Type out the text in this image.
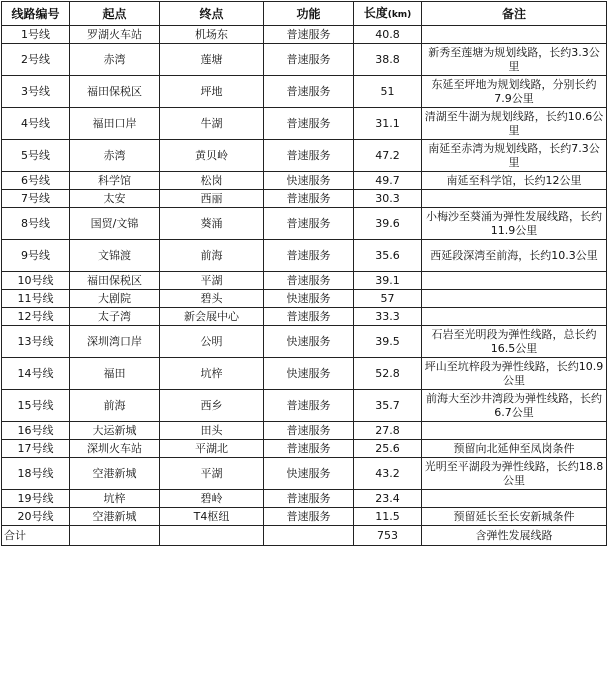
线路编号	起点	终点	功能	长度(km)	备注
1号线	罗湖火车站	机场东	普速服务	40.8	
2号线	赤湾	莲塘	普速服务	38.8	新秀至莲塘为规划线路，长约3.3公里
3号线	福田保税区	坪地	普速服务	51	东延至坪地为规划线路，分别长约7.9公里
4号线	福田口岸	牛湖	普速服务	31.1	清湖至牛湖为规划线路，长约10.6公里
5号线	赤湾	黄贝岭	普速服务	47.2	南延至赤湾为规划线路，长约7.3公里
6号线	科学馆	松岗	快速服务	49.7	南延至科学馆，长约12公里
7号线	太安	西丽	普速服务	30.3	
8号线	国贸/文锦	葵涌	普速服务	39.6	小梅沙至葵涌为弹性发展线路，长约11.9公里
9号线	文锦渡	前海	普速服务	35.6	西延段深湾至前海，长约10.3公里
10号线	福田保税区	平湖	普速服务	39.1	
11号线	大剧院	碧头	快速服务	57	
12号线	太子湾	新会展中心	普速服务	33.3	
13号线	深圳湾口岸	公明	快速服务	39.5	石岩至光明段为弹性线路，总长约16.5公里
14号线	福田	坑梓	快速服务	52.8	坪山至坑梓段为弹性线路，长约10.9公里
15号线	前海	西乡	普速服务	35.7	前海大至沙井湾段为弹性线路，长约6.7公里
16号线	大运新城	田头	普速服务	27.8	
17号线	深圳火车站	平湖北	普速服务	25.6	预留向北延伸至凤岗条件
18号线	空港新城	平湖	快速服务	43.2	光明至平湖段为弹性线路，长约18.8公里
19号线	坑梓	碧岭	普速服务	23.4	
20号线	空港新城	T4枢纽	普速服务	11.5	预留延长至长安新城条件
合计				753	含弹性发展线路
